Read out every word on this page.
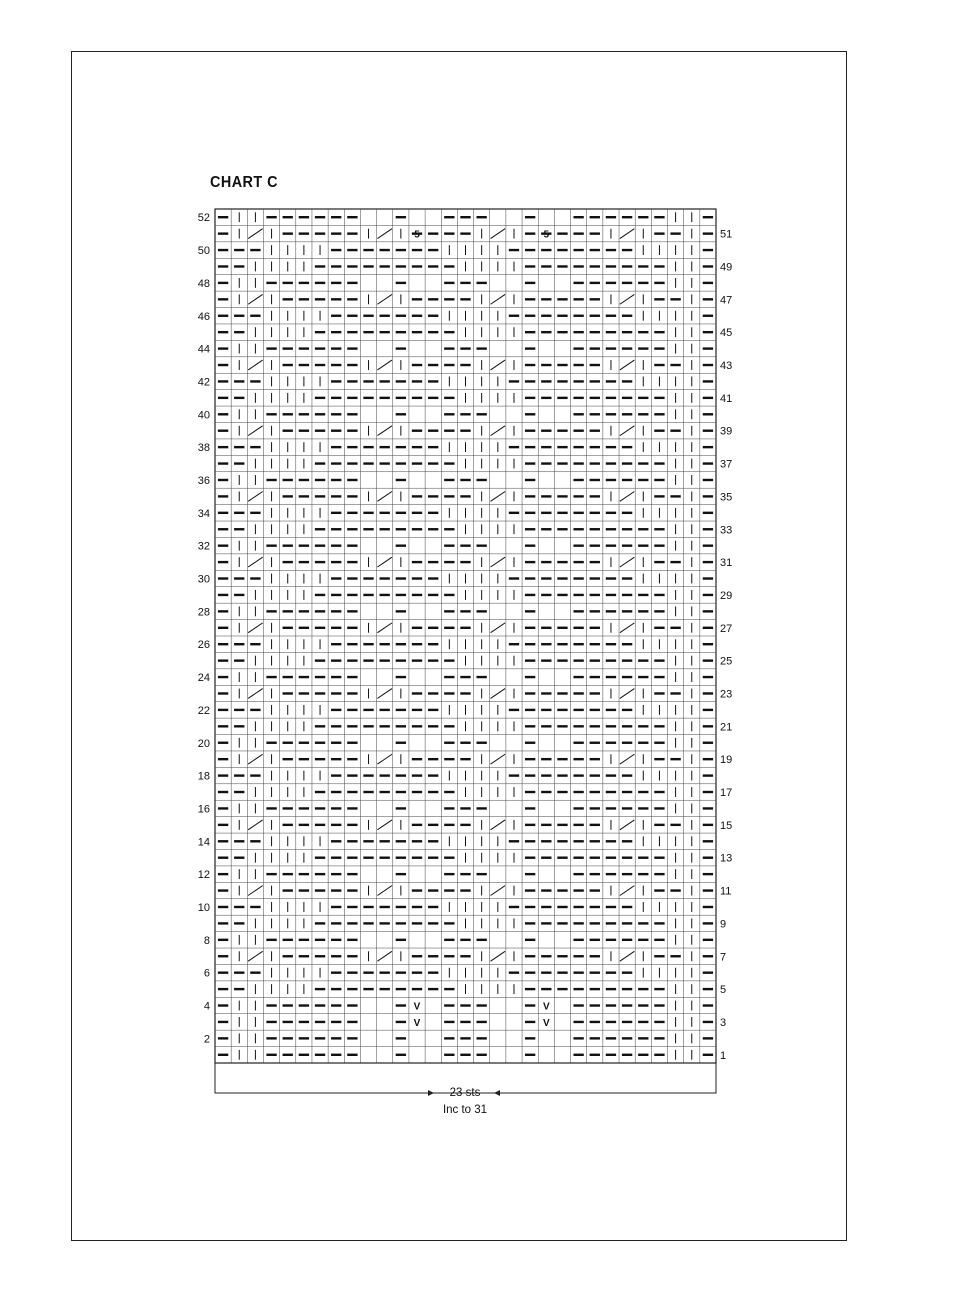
CHART C
5
V
V
5
V
V
2
4
6
8
10
12
14
16
18
20
22
24
26
28
30
32
34
36
38
40
42
44
46
48
50
52
1
3
5
7
9
11
13
15
17
19
21
23
25
27
29
31
33
35
37
39
41
43
45
47
49
51
23 sts
Inc to 31
